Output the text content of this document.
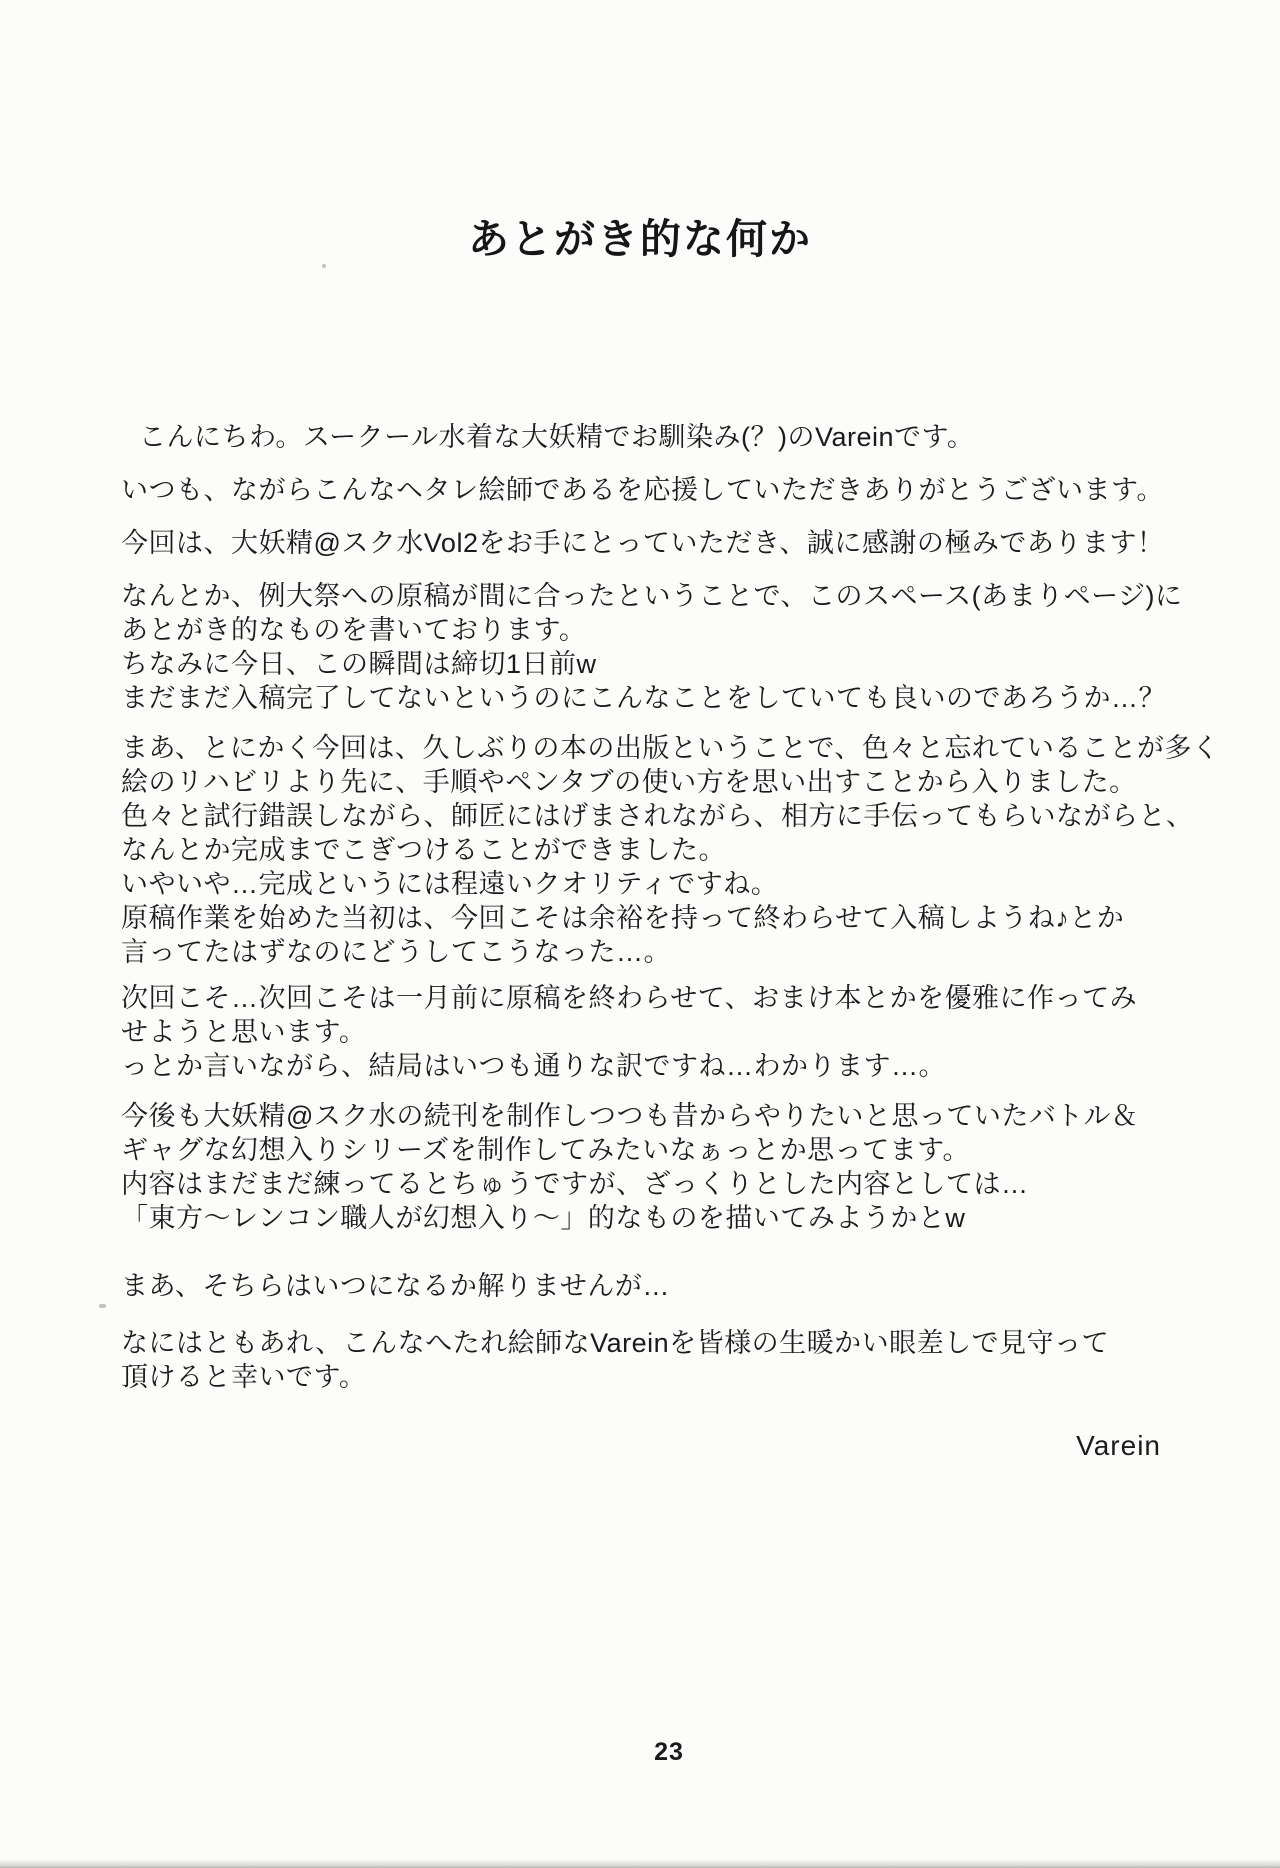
あとがき的な何か

こんにちわ。スークール水着な大妖精でお馴染み(？)のVareinです。

いつも、ながらこんなヘタレ絵師であるを応援していただきありがとうございます。

今回は、大妖精@スク水Vol2をお手にとっていただき、誠に感謝の極みであります！

なんとか、例大祭への原稿が間に合ったということで、このスペース(あまりページ)に
あとがき的なものを書いております。
ちなみに今日、この瞬間は締切1日前w
まだまだ入稿完了してないというのにこんなことをしていても良いのであろうか…？

まあ、とにかく今回は、久しぶりの本の出版ということで、色々と忘れていることが多く
絵のリハビリより先に、手順やペンタブの使い方を思い出すことから入りました。
色々と試行錯誤しながら、師匠にはげまされながら、相方に手伝ってもらいながらと、
なんとか完成までこぎつけることができました。
いやいや…完成というには程遠いクオリティですね。
原稿作業を始めた当初は、今回こそは余裕を持って終わらせて入稿しようね♪とか
言ってたはずなのにどうしてこうなった…。

次回こそ…次回こそは一月前に原稿を終わらせて、おまけ本とかを優雅に作ってみ
せようと思います。
っとか言いながら、結局はいつも通りな訳ですね…わかります…。

今後も大妖精@スク水の続刊を制作しつつも昔からやりたいと思っていたバトル＆
ギャグな幻想入りシリーズを制作してみたいなぁっとか思ってます。
内容はまだまだ練ってるとちゅうですが、ざっくりとした内容としては…
「東方～レンコン職人が幻想入り～」的なものを描いてみようかとw

まあ、そちらはいつになるか解りませんが…

なにはともあれ、こんなへたれ絵師なVareinを皆様の生暖かい眼差しで見守って
頂けると幸いです。

Varein
23
